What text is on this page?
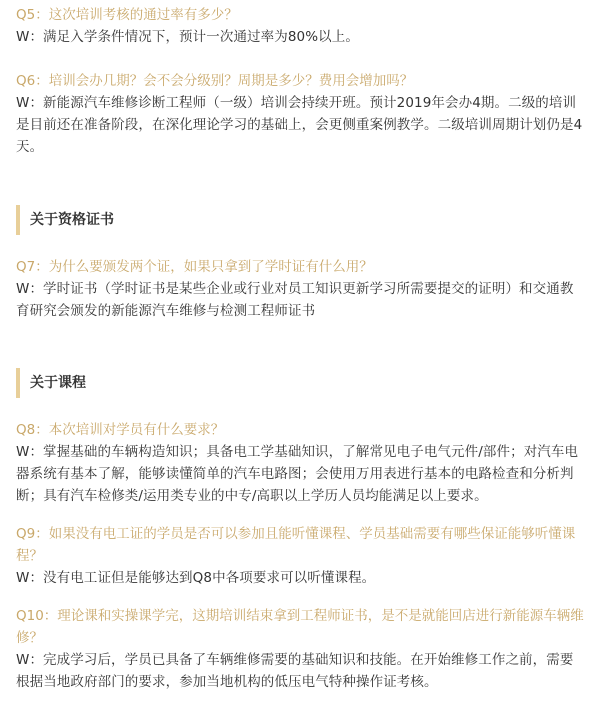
Q5：这次培训考核的通过率有多少？

W：满足入学条件情况下，预计一次通过率为80%以上。

Q6：培训会办几期？会不会分级别？周期是多少？费用会增加吗？

W：新能源汽车维修诊断工程师（一级）培训会持续开班。预计2019年会办4期。二级的培训是目前还在准备阶段，在深化理论学习的基础上，会更侧重案例教学。二级培训周期计划仍是4天。

关于资格证书

Q7：为什么要颁发两个证，如果只拿到了学时证有什么用？

W：学时证书（学时证书是某些企业或行业对员工知识更新学习所需要提交的证明）和交通教育研究会颁发的新能源汽车维修与检测工程师证书

关于课程

Q8：本次培训对学员有什么要求？

W：掌握基础的车辆构造知识；具备电工学基础知识，了解常见电子电气元件/部件；对汽车电器系统有基本了解，能够读懂简单的汽车电路图；会使用万用表进行基本的电路检查和分析判断；具有汽车检修类/运用类专业的中专/高职以上学历人员均能满足以上要求。

Q9：如果没有电工证的学员是否可以参加且能听懂课程、学员基础需要有哪些保证能够听懂课程？

W：没有电工证但是能够达到Q8中各项要求可以听懂课程。

Q10：理论课和实操课学完，这期培训结束拿到工程师证书，是不是就能回店进行新能源车辆维修？

W：完成学习后，学员已具备了车辆维修需要的基础知识和技能。在开始维修工作之前，需要根据当地政府部门的要求，参加当地机构的低压电气特种操作证考核。
